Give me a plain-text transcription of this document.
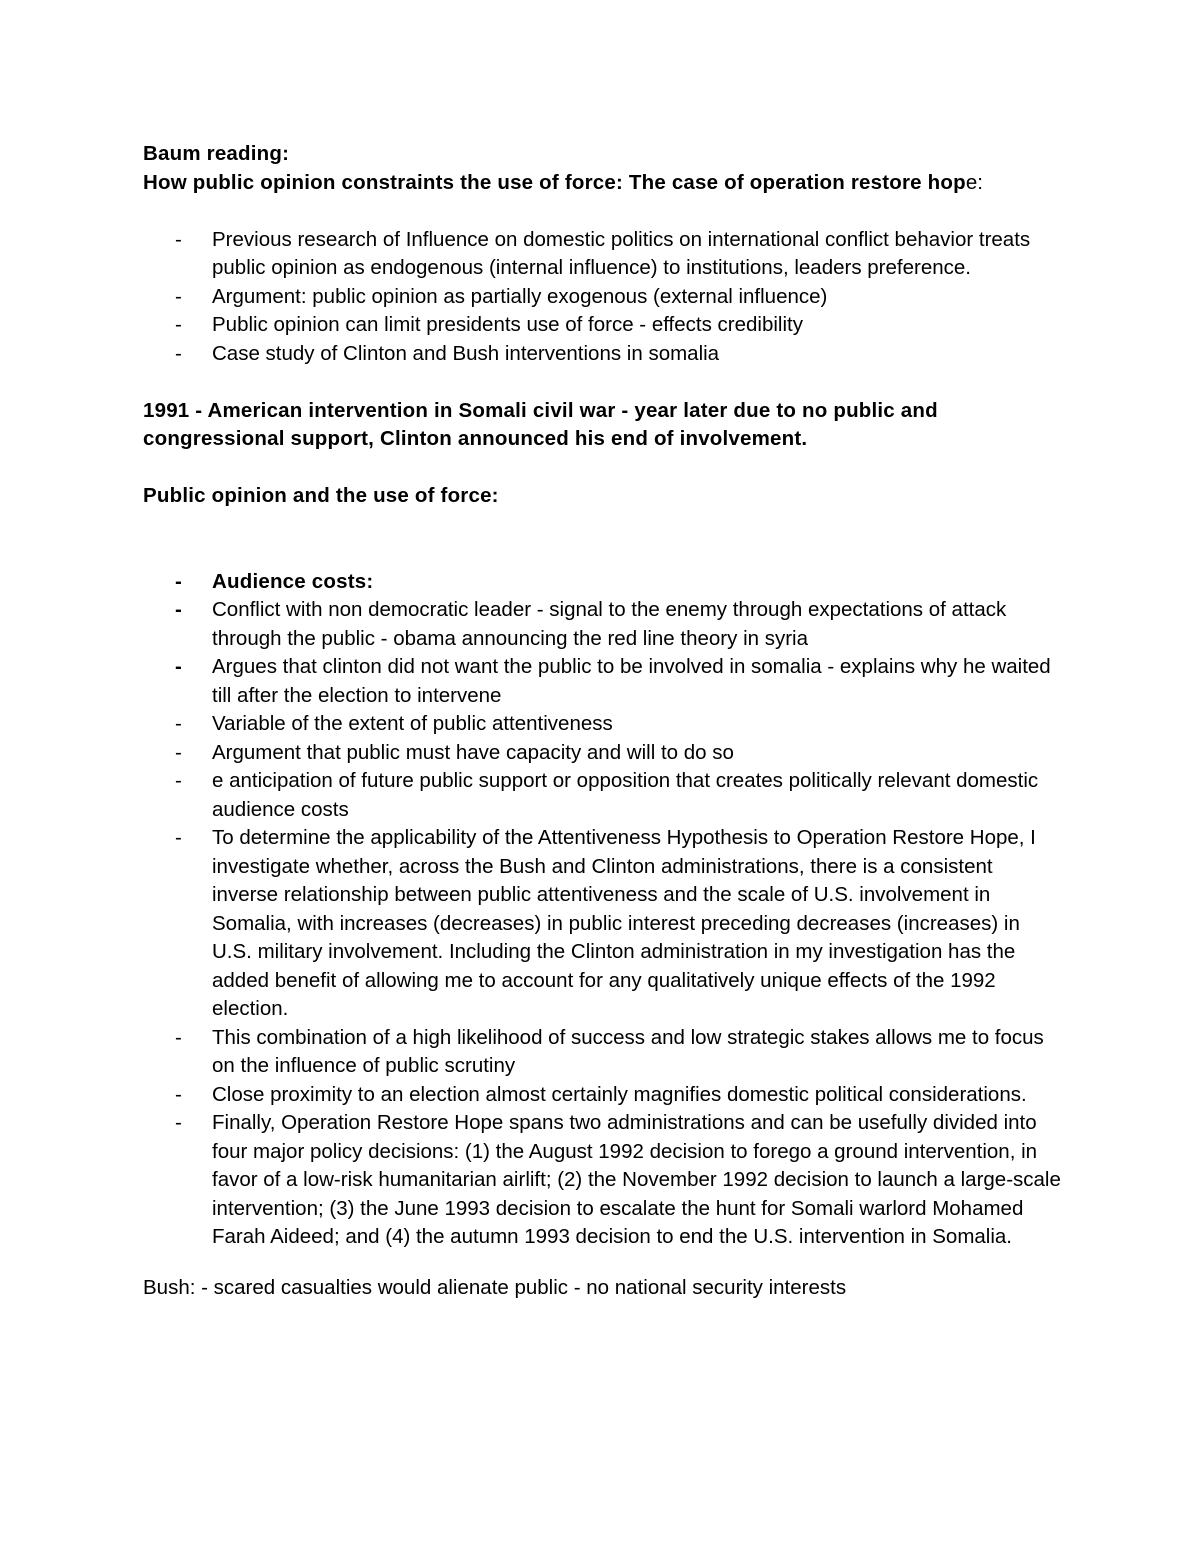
Baum reading:

How public opinion constraints the use of force: The case of operation restore hope:

- Previous research of Influence on domestic politics on international conflict behavior treats public opinion as endogenous (internal influence) to institutions, leaders preference.
- Argument: public opinion as partially exogenous (external influence)
- Public opinion can limit presidents use of force - effects credibility
- Case study of Clinton and Bush interventions in somalia

1991 - American intervention in Somali civil war - year later due to no public and congressional support, Clinton announced his end of involvement.

Public opinion and the use of force:

- Audience costs:
- Conflict with non democratic leader - signal to the enemy through expectations of attack through the public - obama announcing the red line theory in syria
- Argues that clinton did not want the public to be involved in somalia - explains why he waited till after the election to intervene
- Variable of the extent of public attentiveness
- Argument that public must have capacity and will to do so
- e anticipation of future public support or opposition that creates politically relevant domestic audience costs
- To determine the applicability of the Attentiveness Hypothesis to Operation Restore Hope, I investigate whether, across the Bush and Clinton administrations, there is a consistent inverse relationship between public attentiveness and the scale of U.S. involvement in Somalia, with increases (decreases) in public interest preceding decreases (increases) in U.S. military involvement. Including the Clinton administration in my investigation has the added benefit of allowing me to account for any qualitatively unique effects of the 1992 election.
- This combination of a high likelihood of success and low strategic stakes allows me to focus on the influence of public scrutiny
- Close proximity to an election almost certainly magnifies domestic political considerations.
- Finally, Operation Restore Hope spans two administrations and can be usefully divided into four major policy decisions: (1) the August 1992 decision to forego a ground intervention, in favor of a low-risk humanitarian airlift; (2) the November 1992 decision to launch a large-scale intervention; (3) the June 1993 decision to escalate the hunt for Somali warlord Mohamed Farah Aideed; and (4) the autumn 1993 decision to end the U.S. intervention in Somalia.

Bush: - scared casualties would alienate public - no national security interests
